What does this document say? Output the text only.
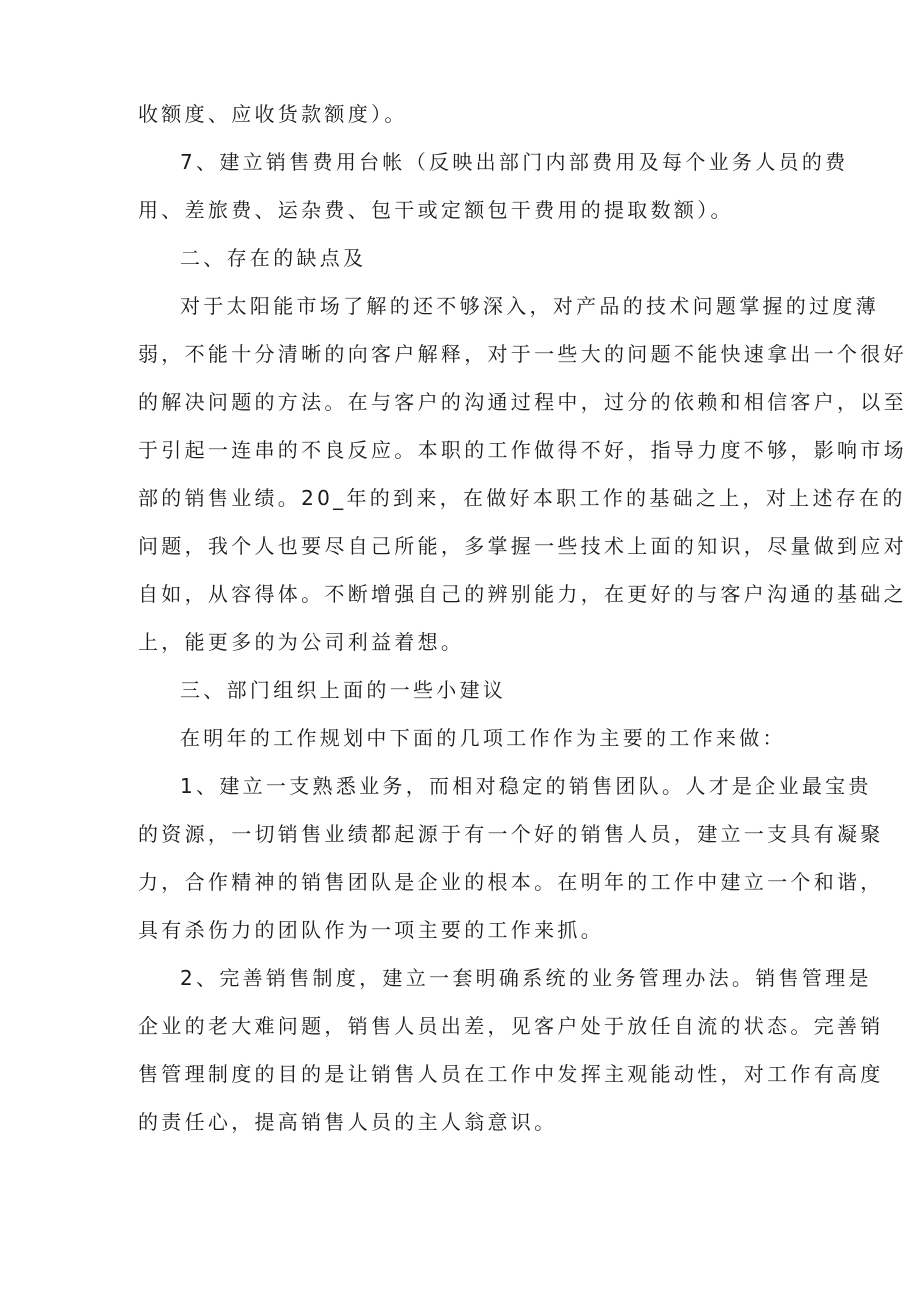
收额度、应收货款额度）。
7、建立销售费用台帐（反映出部门内部费用及每个业务人员的费
用、差旅费、运杂费、包干或定额包干费用的提取数额）。
二、存在的缺点及
对于太阳能市场了解的还不够深入，对产品的技术问题掌握的过度薄
弱，不能十分清晰的向客户解释，对于一些大的问题不能快速拿出一个很好
的解决问题的方法。在与客户的沟通过程中，过分的依赖和相信客户，以至
于引起一连串的不良反应。本职的工作做得不好，指导力度不够，影响市场
部的销售业绩。20_年的到来，在做好本职工作的基础之上，对上述存在的
问题，我个人也要尽自己所能，多掌握一些技术上面的知识，尽量做到应对
自如，从容得体。不断增强自己的辨别能力，在更好的与客户沟通的基础之
上，能更多的为公司利益着想。
三、部门组织上面的一些小建议
在明年的工作规划中下面的几项工作作为主要的工作来做：
1、建立一支熟悉业务，而相对稳定的销售团队。人才是企业最宝贵
的资源，一切销售业绩都起源于有一个好的销售人员，建立一支具有凝聚
力，合作精神的销售团队是企业的根本。在明年的工作中建立一个和谐，
具有杀伤力的团队作为一项主要的工作来抓。
2、完善销售制度，建立一套明确系统的业务管理办法。销售管理是
企业的老大难问题，销售人员出差，见客户处于放任自流的状态。完善销
售管理制度的目的是让销售人员在工作中发挥主观能动性，对工作有高度
的责任心，提高销售人员的主人翁意识。
